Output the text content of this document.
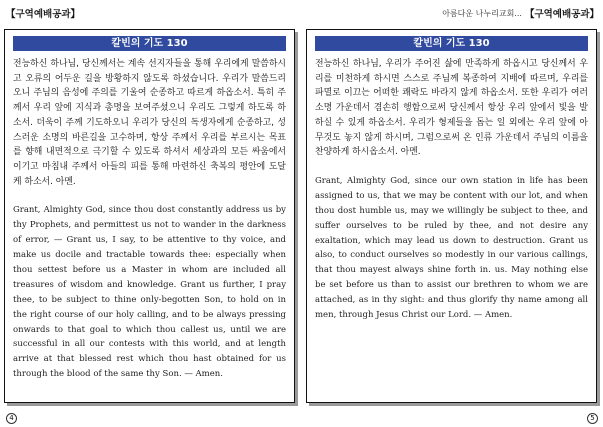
【구역예배공과】	아름다운 나누리교회... 【구역예배공과】
칼빈의 기도 130

전능하신 하나님, 당신께서는 계속 선지자들을 통해 우리에게 말씀하시고 오류의 어두운 길을 방황하지 않도록 하셨습니다. 우리가 말씀드리오니 주님의 음성에 주의를 기울여 순종하고 따르게 하옵소서. 특히 주께서 우리 앞에 지식과 총명을 보여주셨으니 우리도 그렇게 하도록 하소서. 더욱이 주께 기도하오니 우리가 당신의 독생자에게 순종하고, 성스러운 소명의 바른길을 고수하며, 항상 주께서 우리를 부르시는 목표를 향해 내면적으로 극기할 수 있도록 하셔서 세상과의 모든 싸움에서 이기고 마침내 주께서 아들의 피를 통해 마련하신 축복의 평안에 도달케 하소서. 아멘.

Grant, Almighty God, since thou dost constantly address us by thy Prophets, and permittest us not to wander in the darkness of error, — Grant us, I say, to be attentive to thy voice, and make us docile and tractable towards thee: especially when thou settest before us a Master in whom are included all treasures of wisdom and knowledge. Grant us further, I pray thee, to be subject to thine only-begotten Son, to hold on in the right course of our holy calling, and to be always pressing onwards to that goal to which thou callest us, until we are successful in all our contests with this world, and at length arrive at that blessed rest which thou hast obtained for us through the blood of the same thy Son. — Amen.

칼빈의 기도 130

전능하신 하나님, 우리가 주어진 삶에 만족하게 하옵시고 당신께서 우리를 미천하게 하시면 스스로 주님께 복종하여 지배에 따르며, 우리를 파멸로 이끄는 어떠한 쾌락도 바라지 않게 하옵소서. 또한 우리가 여러 소명 가운데서 겸손히 행함으로써 당신께서 항상 우리 앞에서 빛을 발하실 수 있게 하옵소서. 우리가 형제들을 돕는 일 외에는 우리 앞에 아무것도 놓지 않게 하시며, 그럼으로써 온 인류 가운데서 주님의 이름을 찬양하게 하시옵소서. 아멘.

Grant, Almighty God, since our own station in life has been assigned to us, that we may be content with our lot, and when thou dost humble us, may we willingly be subject to thee, and suffer ourselves to be ruled by thee, and not desire any exaltation, which may lead us down to destruction. Grant us also, to conduct ourselves so modestly in our various callings, that thou mayest always shine forth in. us. May nothing else be set before us than to assist our brethren to whom we are attached, as in thy sight: and thus glorify thy name among all men, through Jesus Christ our Lord. — Amen.

4	5
